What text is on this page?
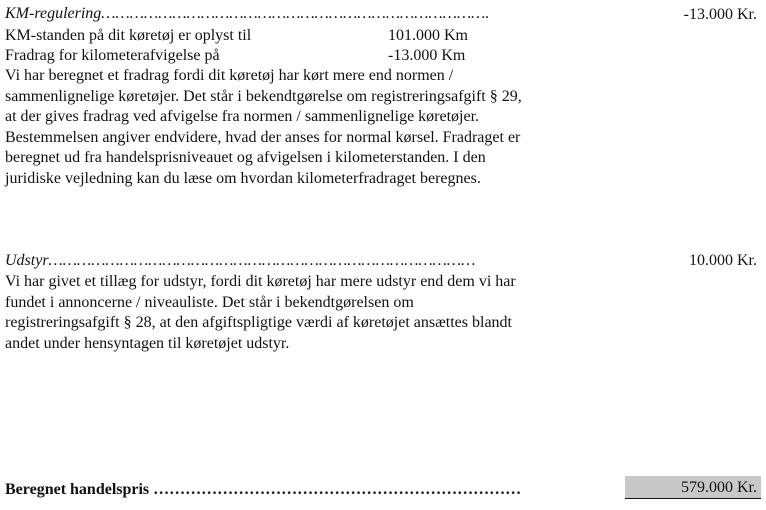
KM-regulering……………………………………………………………………….	-13.000 Kr.
KM-standen på dit køretøj er oplyst til	101.000 Km
Fradrag for kilometerafvigelse på	-13.000 Km

Vi har beregnet et fradrag fordi dit køretøj har kørt mere end normen /

sammenlignelige køretøjer. Det står i bekendtgørelse om registreringsafgift § 29,

at der gives fradrag ved afvigelse fra normen / sammenlignelige køretøjer.

Bestemmelsen angiver endvidere, hvad der anses for normal kørsel. Fradraget er

beregnet ud fra handelsprisniveauet og afvigelsen i kilometerstanden. I den

juridiske vejledning kan du læse om hvordan kilometerfradraget beregnes.

Udstyr………………………………………………………………………………	10.000 Kr.

Vi har givet et tillæg for udstyr, fordi dit køretøj har mere udstyr end dem vi har

fundet i annoncerne / niveauliste. Det står i bekendtgørelsen om

registreringsafgift § 28, at den afgiftspligtige værdi af køretøjet ansættes blandt

andet under hensyntagen til køretøjet udstyr.

Beregnet handelspris ……………………………………………………………	579.000 Kr.
